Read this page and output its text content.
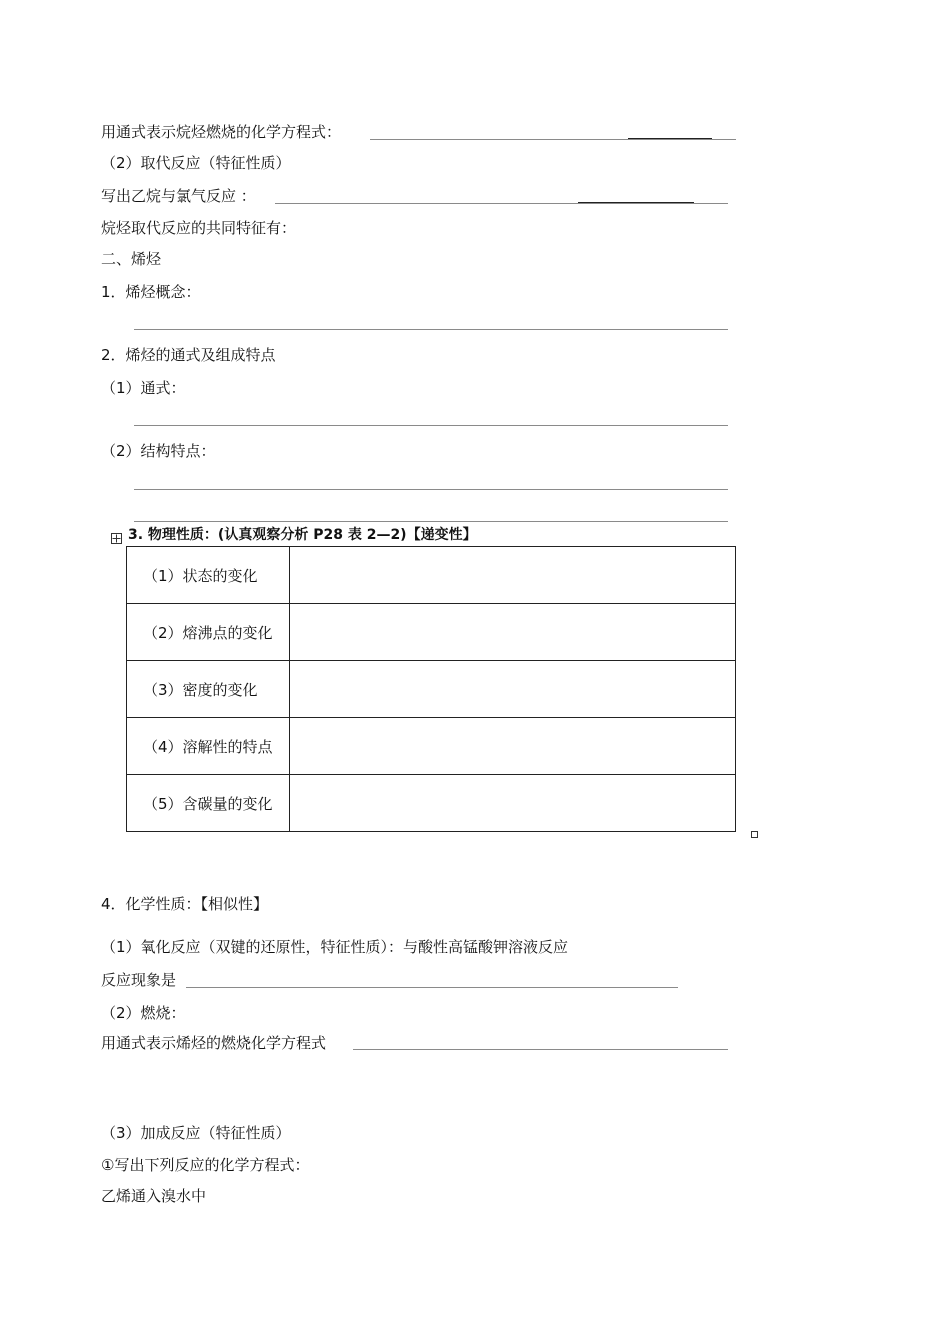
用通式表示烷烃燃烧的化学方程式：
（2）取代反应（特征性质）
写出乙烷与氯气反应 ：
烷烃取代反应的共同特征有：
二、烯烃
1．烯烃概念：
2．烯烃的通式及组成特点
（1）通式：
（2）结构特点：
3. 物理性质：(认真观察分析 P28 表 2—2)【递变性】
（1）状态的变化	
（2）熔沸点的变化	
（3）密度的变化	
（4）溶解性的特点	
（5）含碳量的变化	
4．化学性质：【相似性】
（1）氧化反应（双键的还原性，特征性质）：与酸性高锰酸钾溶液反应
反应现象是
（2）燃烧：
用通式表示烯烃的燃烧化学方程式
（3）加成反应（特征性质）
①写出下列反应的化学方程式：
乙烯通入溴水中
